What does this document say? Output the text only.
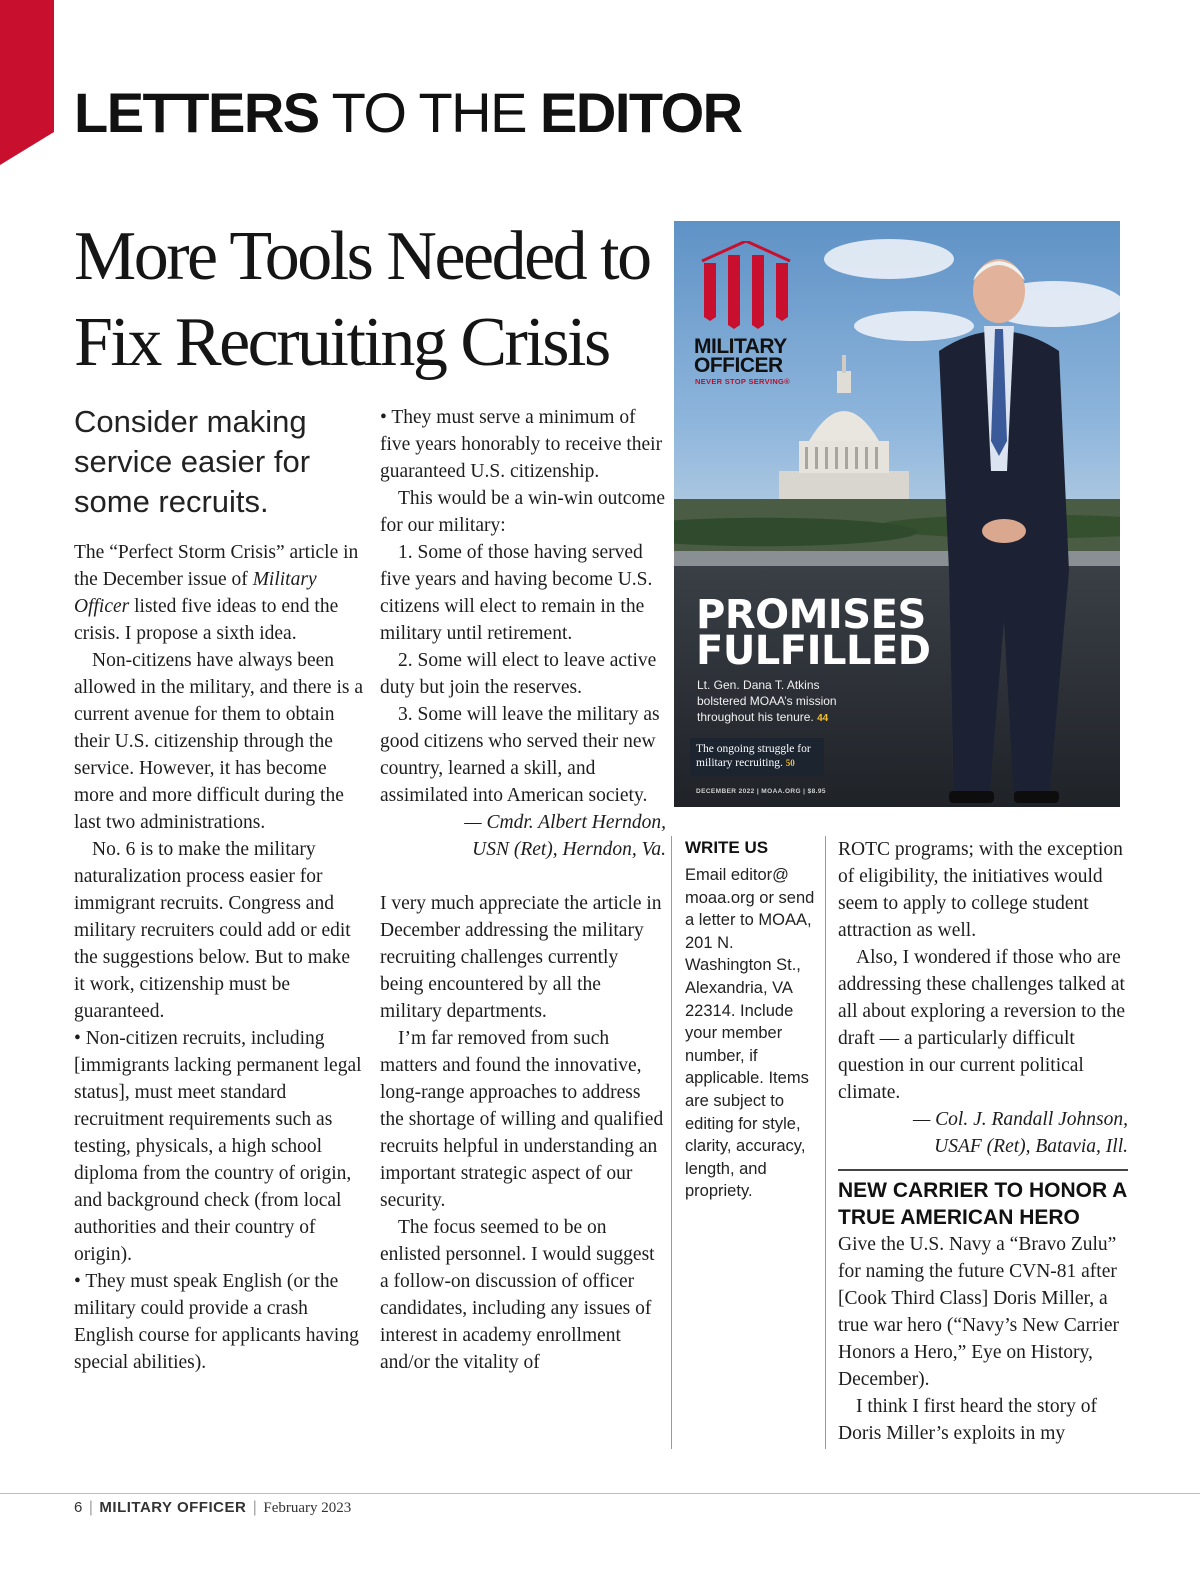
LETTERS TO THE EDITOR
More Tools Needed to Fix Recruiting Crisis
Consider making service easier for some recruits.

The “Perfect Storm Crisis” article in the December issue of Military Officer listed five ideas to end the crisis. I propose a sixth idea.

Non-citizens have always been allowed in the military, and there is a current avenue for them to obtain their U.S. citizenship through the service. However, it has become more and more difficult during the last two administrations.

No. 6 is to make the military naturalization process easier for immigrant recruits. Congress and military recruiters could add or edit the suggestions below. But to make it work, citizenship must be guaranteed.

• Non-citizen recruits, including [immigrants lacking permanent legal status], must meet standard recruitment requirements such as testing, physicals, a high school diploma from the country of origin, and background check (from local authorities and their country of origin).

• They must speak English (or the military could provide a crash English course for applicants having special abilities).

• They must serve a minimum of five years honorably to receive their guaranteed U.S. citizenship.

This would be a win-win outcome for our military:

1. Some of those having served five years and having become U.S. citizens will elect to remain in the military until retirement.

2. Some will elect to leave active duty but join the reserves.

3. Some will leave the military as good citizens who served their new country, learned a skill, and assimilated into American society.

— Cmdr. Albert Herndon,

USN (Ret), Herndon, Va.

I very much appreciate the article in December addressing the military recruiting challenges currently being encountered by all the military departments.

I’m far removed from such matters and found the innovative, long-range approaches to address the shortage of willing and qualified recruits helpful in understanding an important strategic aspect of our security.

The focus seemed to be on enlisted personnel. I would suggest a follow-on discussion of officer candidates, including any issues of interest in academy enrollment and/or the vitality of

WRITE US

Email editor@ moaa.org or send a letter to MOAA, 201 N. Washington St., Alexandria, VA 22314. Include your member number, if applicable. Items are subject to editing for style, clarity, accuracy, length, and propriety.

ROTC programs; with the exception of eligibility, the initiatives would seem to apply to college student attraction as well.

Also, I wondered if those who are addressing these challenges talked at all about exploring a reversion to the draft — a particularly difficult question in our current political climate.

— Col. J. Randall Johnson,

USAF (Ret), Batavia, Ill.

NEW CARRIER TO HONOR A TRUE AMERICAN HERO

Give the U.S. Navy a “Bravo Zulu” for naming the future CVN-81 after [Cook Third Class] Doris Miller, a true war hero (“Navy’s New Carrier Honors a Hero,” Eye on History, December).

I think I first heard the story of Doris Miller’s exploits in my

MILITARY
OFFICER
NEVER STOP SERVING®
PROMISES
FULFILLED
Lt. Gen. Dana T. Atkins bolstered MOAA’s mission throughout his tenure. 44
The ongoing struggle for military recruiting. 50
DECEMBER 2022 | MOAA.ORG | $8.95
6 | MILITARY OFFICER | February 2023
